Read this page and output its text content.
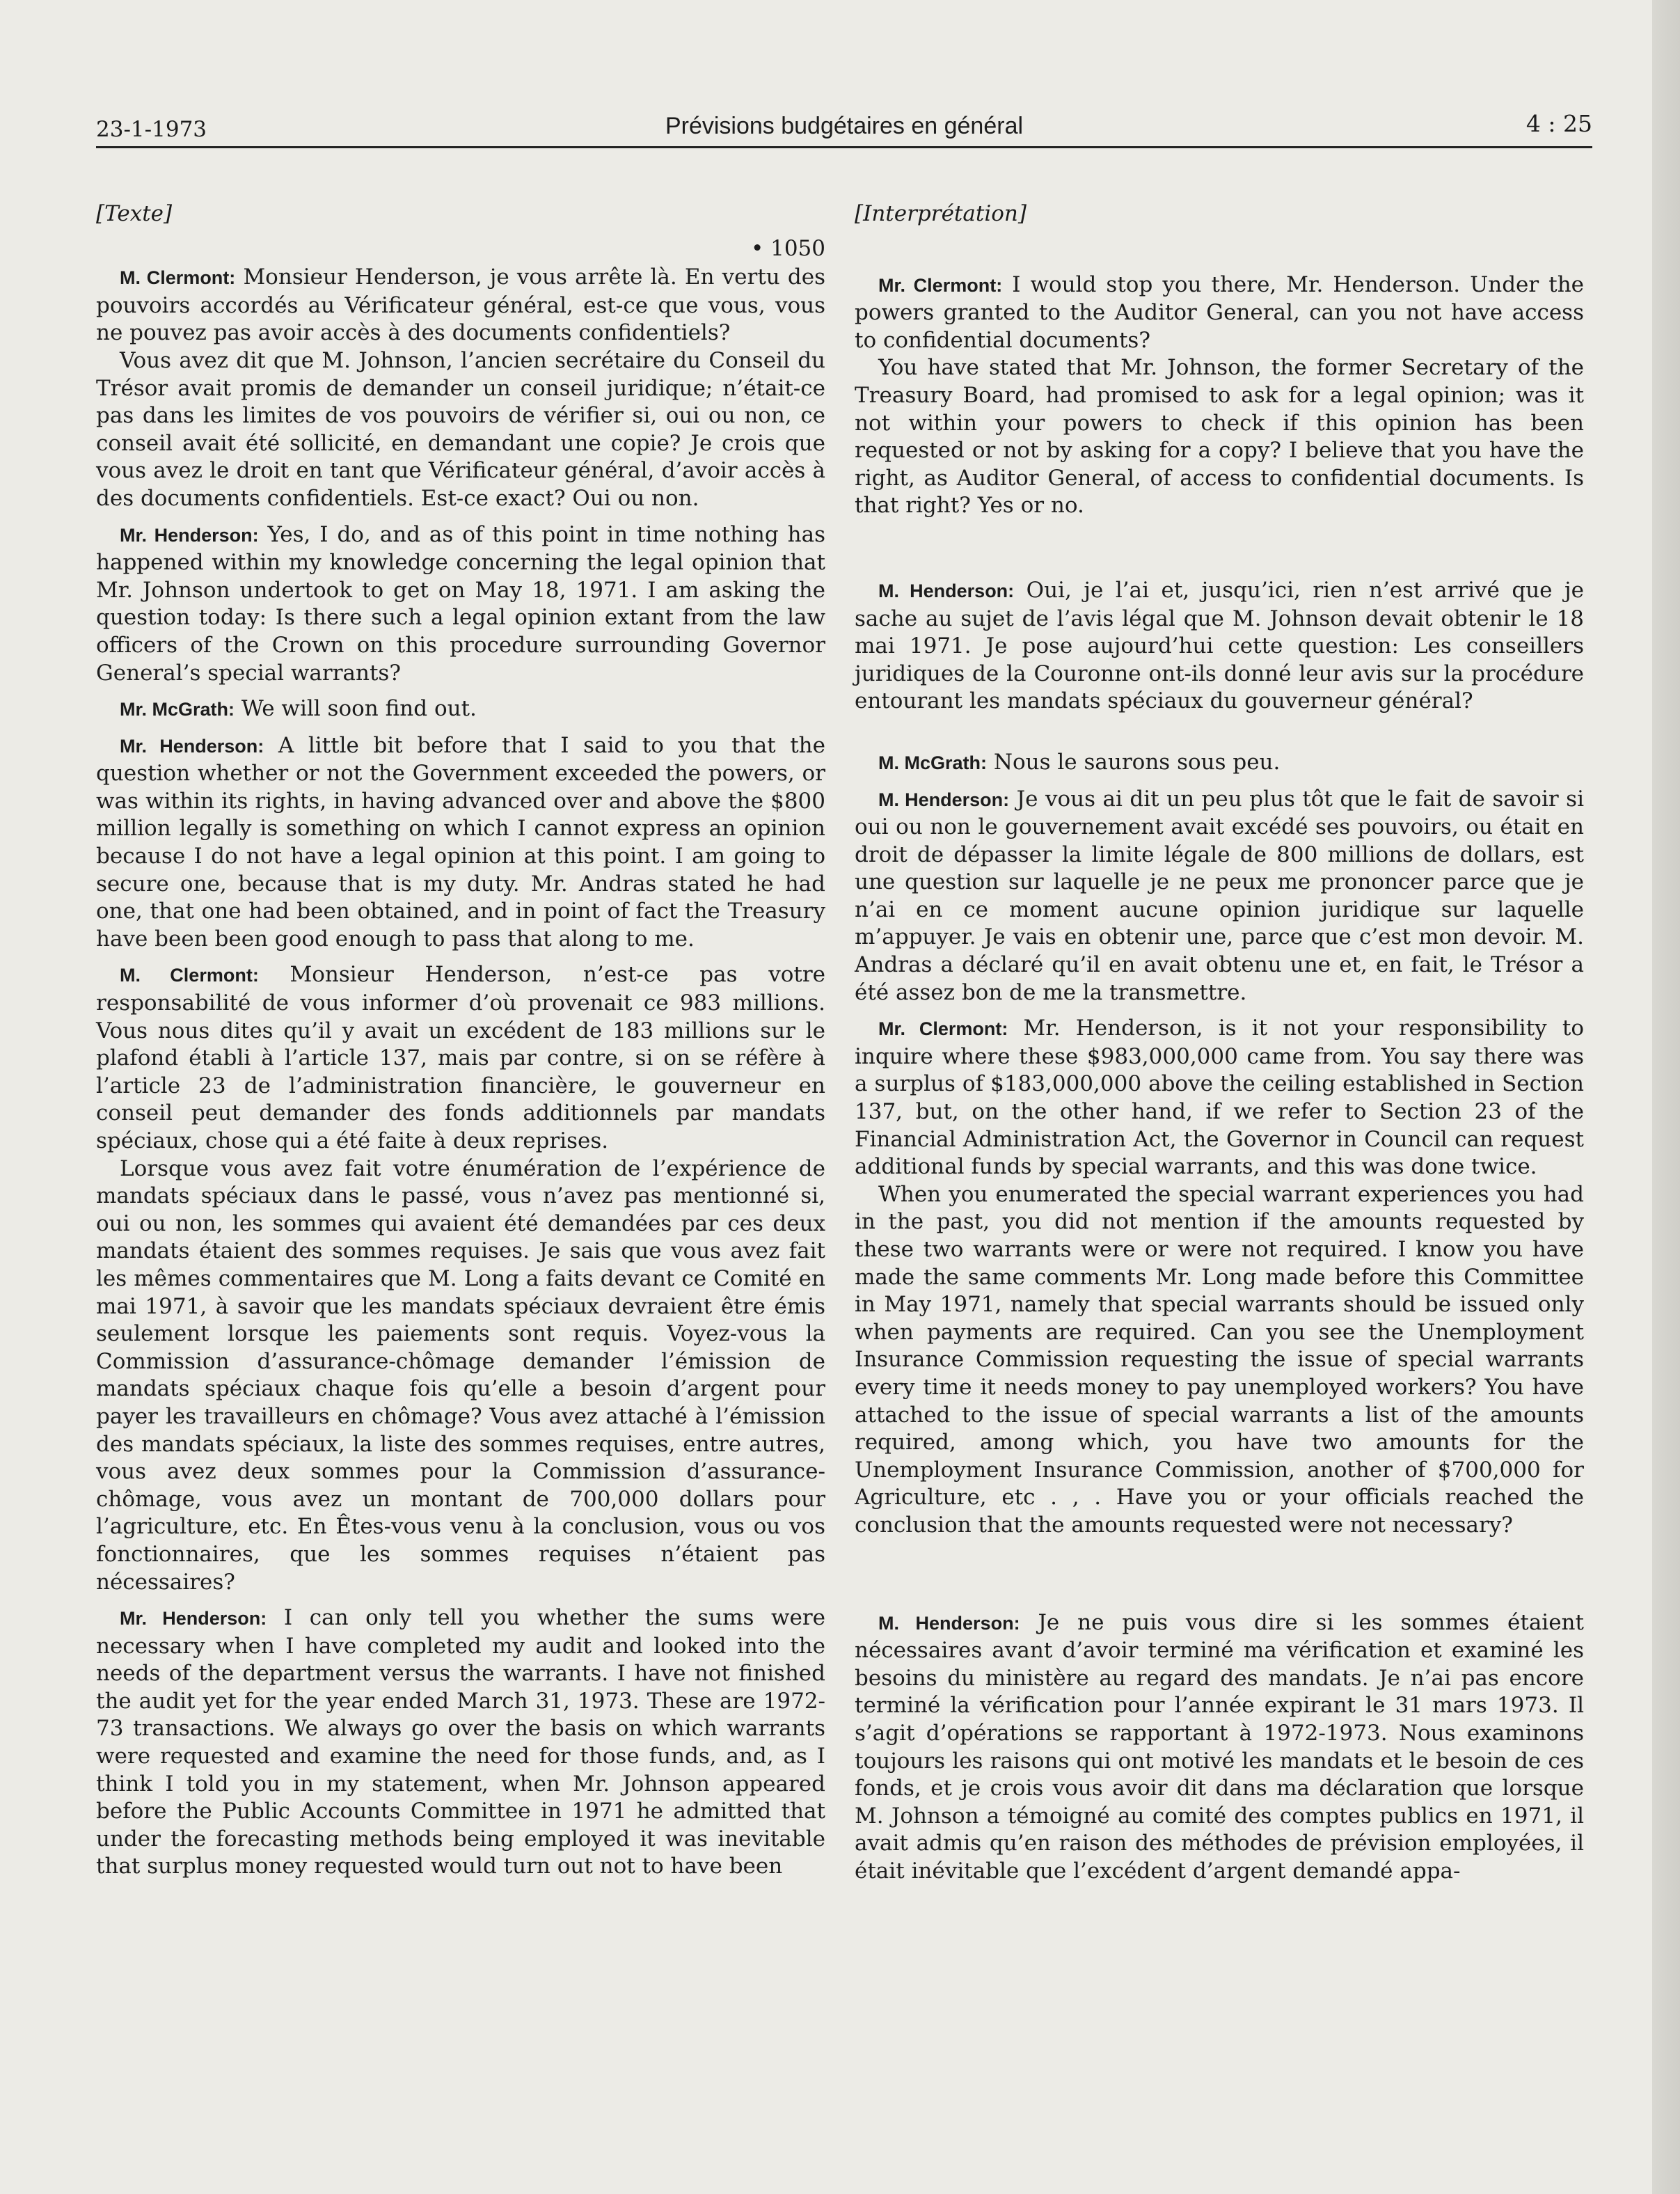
23-1-1973	Prévisions budgétaires en général	4 : 25
[Texte]

• 1050

M. Clermont: Monsieur Henderson, je vous arrête là. En vertu des pouvoirs accordés au Vérificateur général, est-ce que vous, vous ne pouvez pas avoir accès à des documents confidentiels?

Vous avez dit que M. Johnson, l’ancien secrétaire du Conseil du Trésor avait promis de demander un conseil juridique; n’était-ce pas dans les limites de vos pouvoirs de vérifier si, oui ou non, ce conseil avait été sollicité, en demandant une copie? Je crois que vous avez le droit en tant que Vérificateur général, d’avoir accès à des documents confidentiels. Est-ce exact? Oui ou non.

Mr. Henderson: Yes, I do, and as of this point in time nothing has happened within my knowledge concerning the legal opinion that Mr. Johnson undertook to get on May 18, 1971. I am asking the question today: Is there such a legal opinion extant from the law officers of the Crown on this procedure surrounding Governor General’s special warrants?

Mr. McGrath: We will soon find out.

Mr. Henderson: A little bit before that I said to you that the question whether or not the Government exceeded the powers, or was within its rights, in having advanced over and above the $800 million legally is something on which I cannot express an opinion because I do not have a legal opinion at this point. I am going to secure one, because that is my duty. Mr. Andras stated he had one, that one had been obtained, and in point of fact the Treasury have been been good enough to pass that along to me.

M. Clermont: Monsieur Henderson, n’est-ce pas votre responsabilité de vous informer d’où provenait ce 983 millions. Vous nous dites qu’il y avait un excédent de 183 millions sur le plafond établi à l’article 137, mais par contre, si on se réfère à l’article 23 de l’administration financière, le gouverneur en conseil peut demander des fonds additionnels par mandats spéciaux, chose qui a été faite à deux reprises.

Lorsque vous avez fait votre énumération de l’expérience de mandats spéciaux dans le passé, vous n’avez pas mentionné si, oui ou non, les sommes qui avaient été demandées par ces deux mandats étaient des sommes requises. Je sais que vous avez fait les mêmes commentaires que M. Long a faits devant ce Comité en mai 1971, à savoir que les mandats spéciaux devraient être émis seulement lorsque les paiements sont requis. Voyez-vous la Commission d’assurance-chômage demander l’émission de mandats spéciaux chaque fois qu’elle a besoin d’argent pour payer les travailleurs en chômage? Vous avez attaché à l’émission des mandats spéciaux, la liste des sommes requises, entre autres, vous avez deux sommes pour la Commission d’assurance-chômage, vous avez un montant de 700,000 dollars pour l’agriculture, etc. En Êtes-vous venu à la conclusion, vous ou vos fonctionnaires, que les sommes requises n’étaient pas nécessaires?

Mr. Henderson: I can only tell you whether the sums were necessary when I have completed my audit and looked into the needs of the department versus the warrants. I have not finished the audit yet for the year ended March 31, 1973. These are 1972-73 transactions. We always go over the basis on which warrants were requested and examine the need for those funds, and, as I think I told you in my statement, when Mr. Johnson appeared before the Public Accounts Committee in 1971 he admitted that under the forecasting methods being employed it was inevitable that surplus money requested would turn out not to have been

[Interprétation]

Mr. Clermont: I would stop you there, Mr. Henderson. Under the powers granted to the Auditor General, can you not have access to confidential documents?

You have stated that Mr. Johnson, the former Secretary of the Treasury Board, had promised to ask for a legal opinion; was it not within your powers to check if this opinion has been requested or not by asking for a copy? I believe that you have the right, as Auditor General, of access to confidential documents. Is that right? Yes or no.

M. Henderson: Oui, je l’ai et, jusqu’ici, rien n’est arrivé que je sache au sujet de l’avis légal que M. Johnson devait obtenir le 18 mai 1971. Je pose aujourd’hui cette question: Les conseillers juridiques de la Couronne ont-ils donné leur avis sur la procédure entourant les mandats spéciaux du gouverneur général?

M. McGrath: Nous le saurons sous peu.

M. Henderson: Je vous ai dit un peu plus tôt que le fait de savoir si oui ou non le gouvernement avait excédé ses pouvoirs, ou était en droit de dépasser la limite légale de 800 millions de dollars, est une question sur laquelle je ne peux me prononcer parce que je n’ai en ce moment aucune opinion juridique sur laquelle m’appuyer. Je vais en obtenir une, parce que c’est mon devoir. M. Andras a déclaré qu’il en avait obtenu une et, en fait, le Trésor a été assez bon de me la transmettre.

Mr. Clermont: Mr. Henderson, is it not your responsibility to inquire where these $983,000,000 came from. You say there was a surplus of $183,000,000 above the ceiling established in Section 137, but, on the other hand, if we refer to Section 23 of the Financial Administration Act, the Governor in Council can request additional funds by special warrants, and this was done twice.

When you enumerated the special warrant experiences you had in the past, you did not mention if the amounts requested by these two warrants were or were not required. I know you have made the same comments Mr. Long made before this Committee in May 1971, namely that special warrants should be issued only when payments are required. Can you see the Unemployment Insurance Commission requesting the issue of special warrants every time it needs money to pay unemployed workers? You have attached to the issue of special warrants a list of the amounts required, among which, you have two amounts for the Unemployment Insurance Commission, another of $700,000 for Agriculture, etc . , . Have you or your officials reached the conclusion that the amounts requested were not necessary?

M. Henderson: Je ne puis vous dire si les sommes étaient nécessaires avant d’avoir terminé ma vérification et examiné les besoins du ministère au regard des mandats. Je n’ai pas encore terminé la vérification pour l’année expirant le 31 mars 1973. Il s’agit d’opérations se rapportant à 1972-1973. Nous examinons toujours les raisons qui ont motivé les mandats et le besoin de ces fonds, et je crois vous avoir dit dans ma déclaration que lorsque M. Johnson a témoigné au comité des comptes publics en 1971, il avait admis qu’en raison des méthodes de prévision employées, il était inévitable que l’excédent d’argent demandé appa-
